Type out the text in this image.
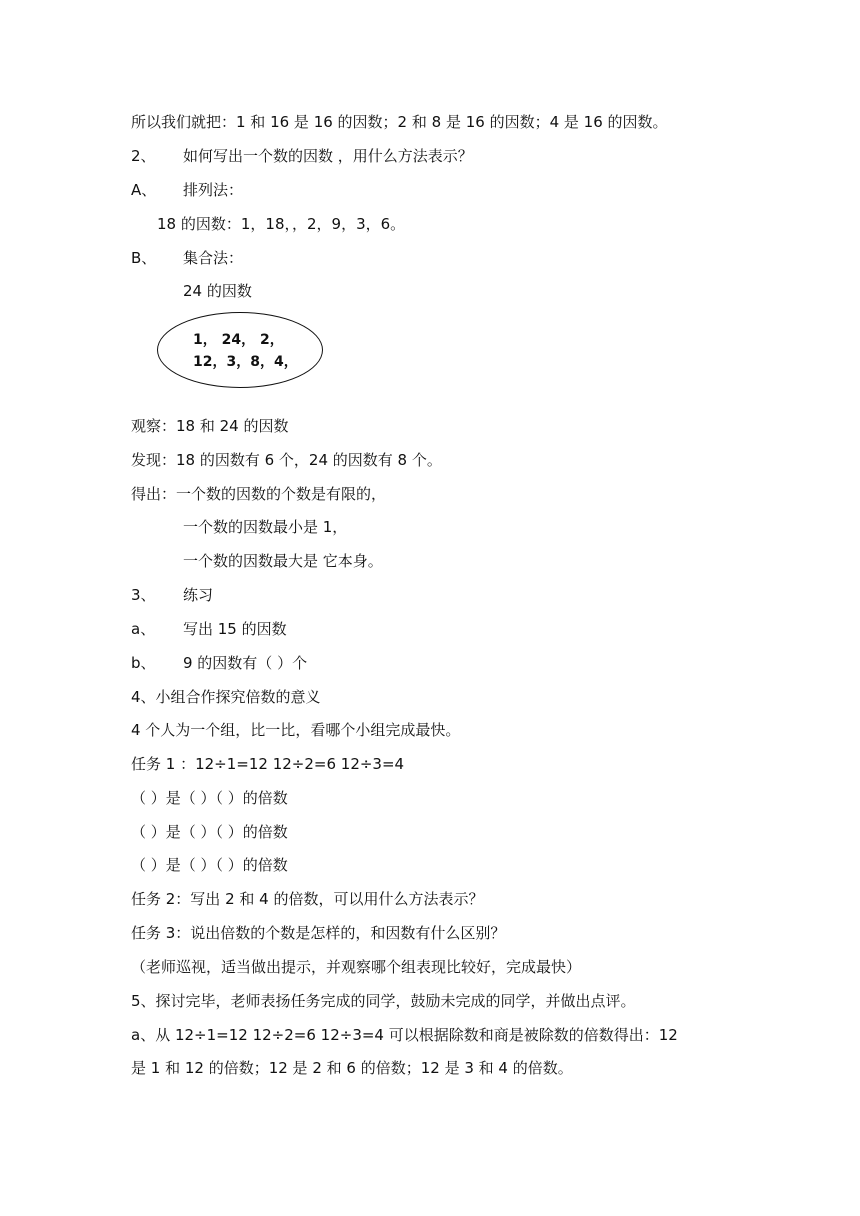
所以我们就把：1 和 16 是 16 的因数；2 和 8 是 16 的因数；4 是 16 的因数。
2、 如何写出一个数的因数 ，用什么方法表示？
A、 排列法：
18 的因数：1，18，，2，9，3，6。
B、 集合法：
24 的因数
1， 24， 2，
12，3，8，4，
观察：18 和 24 的因数
发现：18 的因数有 6 个，24 的因数有 8 个。
得出：一个数的因数的个数是有限的，
一个数的因数最小是 1，
一个数的因数最大是 它本身。
3、 练习
a、 写出 15 的因数
b、 9 的因数有（ ）个
4、小组合作探究倍数的意义
4 个人为一个组，比一比，看哪个小组完成最快。
任务 1 ：12÷1=12 12÷2=6 12÷3=4
（ ）是（ ）（ ）的倍数
（ ）是（ ）（ ）的倍数
（ ）是（ ）（ ）的倍数
任务 2：写出 2 和 4 的倍数，可以用什么方法表示？
任务 3：说出倍数的个数是怎样的，和因数有什么区别？
（老师巡视，适当做出提示，并观察哪个组表现比较好，完成最快）
5、探讨完毕，老师表扬任务完成的同学，鼓励未完成的同学，并做出点评。
a、从 12÷1=12 12÷2=6 12÷3=4 可以根据除数和商是被除数的倍数得出：12
是 1 和 12 的倍数；12 是 2 和 6 的倍数；12 是 3 和 4 的倍数。
